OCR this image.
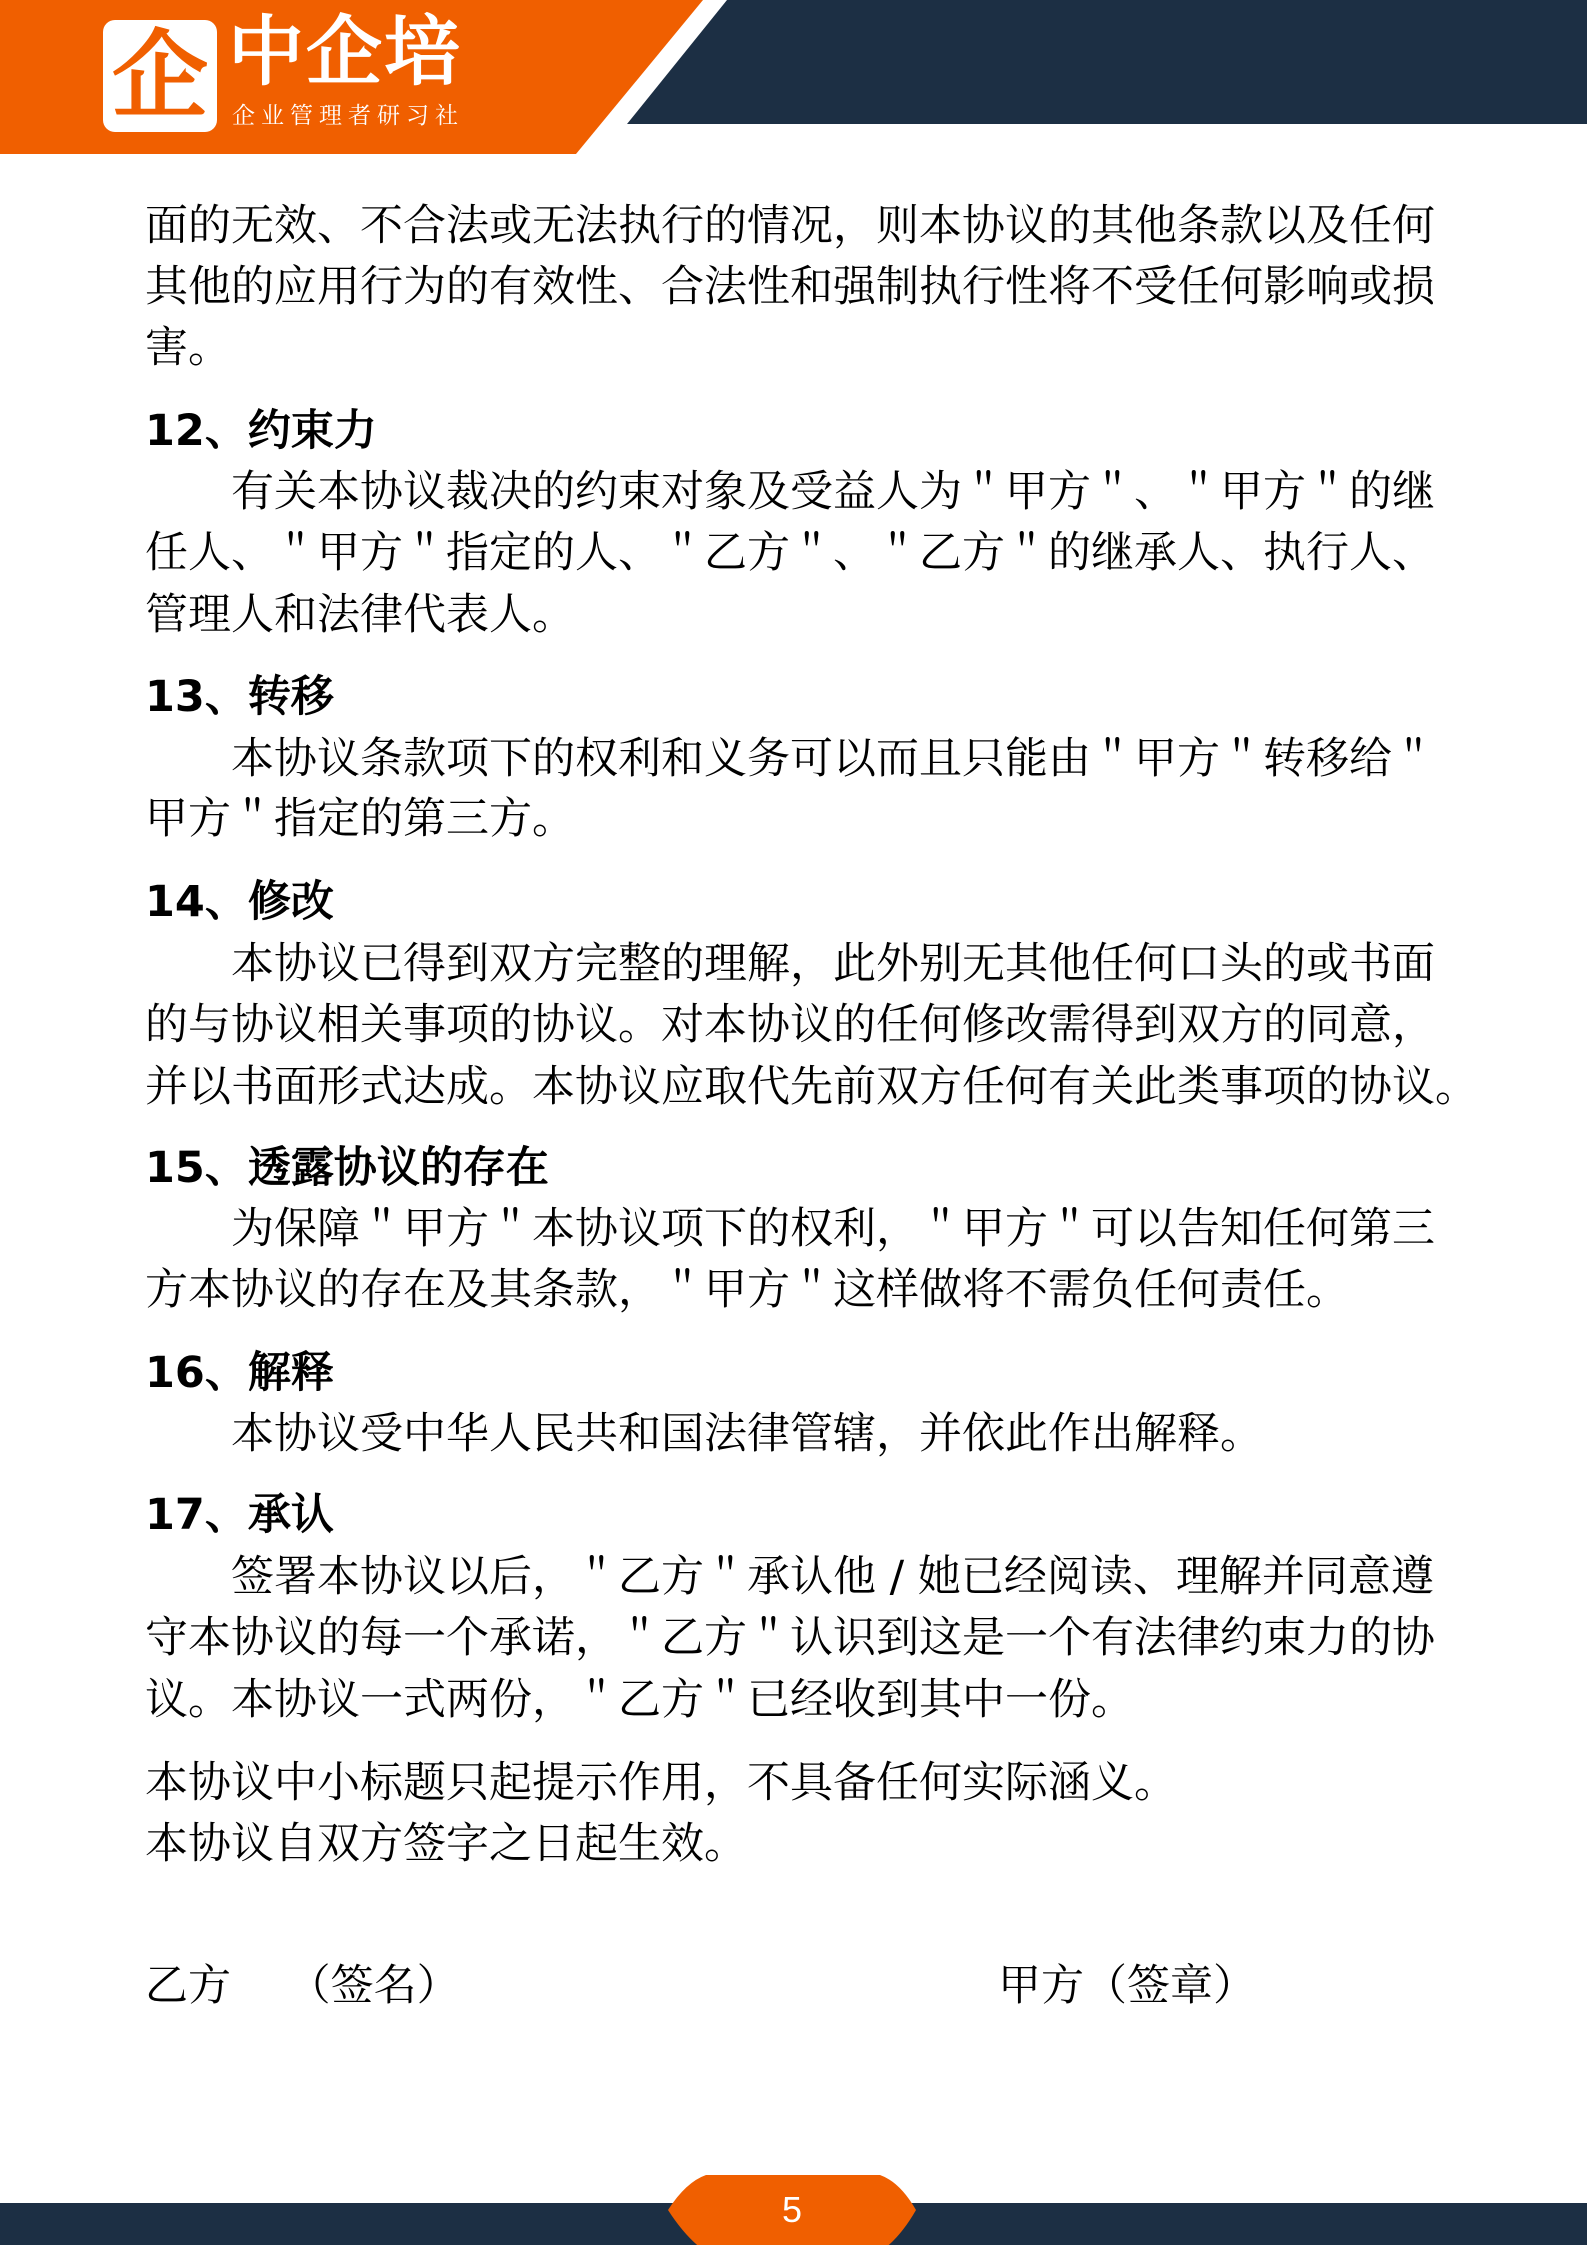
企 中企培
企业管理者研习社
面的无效、不合法或无法执行的情况，则本协议的其他条款以及任何
其他的应用行为的有效性、合法性和强制执行性将不受任何影响或损
害。
12、约束力
有关本协议裁决的约束对象及受益人为＂甲方＂、＂甲方＂的继
任人、＂甲方＂指定的人、＂乙方＂、＂乙方＂的继承人、执行人、
管理人和法律代表人。
13、转移
本协议条款项下的权利和义务可以而且只能由＂甲方＂转移给＂
甲方＂指定的第三方。
14、修改
本协议已得到双方完整的理解，此外别无其他任何口头的或书面
的与协议相关事项的协议。对本协议的任何修改需得到双方的同意，
并以书面形式达成。本协议应取代先前双方任何有关此类事项的协议。
15、透露协议的存在
为保障＂甲方＂本协议项下的权利，＂甲方＂可以告知任何第三
方本协议的存在及其条款，＂甲方＂这样做将不需负任何责任。
16、解释
本协议受中华人民共和国法律管辖，并依此作出解释。
17、承认
签署本协议以后，＂乙方＂承认他 / 她已经阅读、理解并同意遵
守本协议的每一个承诺，＂乙方＂认识到这是一个有法律约束力的协
议。本协议一式两份，＂乙方＂已经收到其中一份。
本协议中小标题只起提示作用，不具备任何实际涵义。
本协议自双方签字之日起生效。
乙方　 （签名）	甲方（签章）
5
